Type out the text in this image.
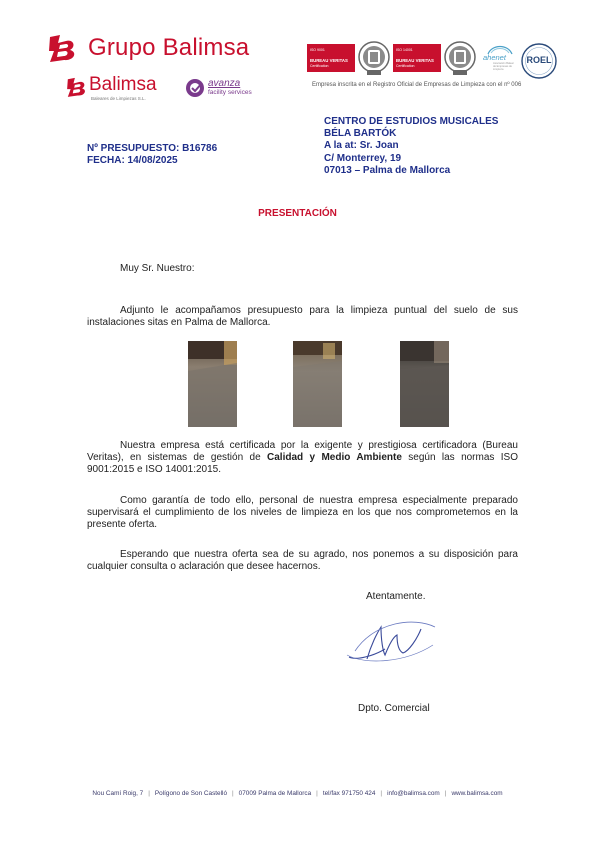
Grupo Balimsa
Balimsa
Baleares de Limpiezas S.L.
avanza
facility services
ISO 9001
BUREAU VERITAS
Certification
ISO 14001
BUREAU VERITAS
Certification
ahenet
Asociación Balear de Empresas de Limpieza
ROEL
Empresa inscrita en el Registro Oficial de Empresas de Limpieza con el nº 006
Nº PRESUPUESTO: B16786
FECHA: 14/08/2025
CENTRO DE ESTUDIOS MUSICALES
BÉLA BARTÓK
A la at: Sr. Joan
C/ Monterrey, 19
07013 – Palma de Mallorca
PRESENTACIÓN
Muy Sr. Nuestro:
Adjunto le acompañamos presupuesto para la limpieza puntual del suelo de sus instalaciones sitas en Palma de Mallorca.
Nuestra empresa está certificada por la exigente y prestigiosa certificadora (Bureau Veritas), en sistemas de gestión de Calidad y Medio Ambiente según las normas ISO 9001:2015 e ISO 14001:2015.
Como garantía de todo ello, personal de nuestra empresa especialmente preparado supervisará el cumplimiento de los niveles de limpieza en los que nos comprometemos en la presente oferta.
Esperando que nuestra oferta sea de su agrado, nos ponemos a su disposición para cualquier consulta o aclaración que desee hacernos.
Atentamente.
Dpto. Comercial
Nou Camí Roig, 7 | Polígono de Son Castelló | 07009 Palma de Mallorca | tel/fax 971750 424 | info@balimsa.com | www.balimsa.com
